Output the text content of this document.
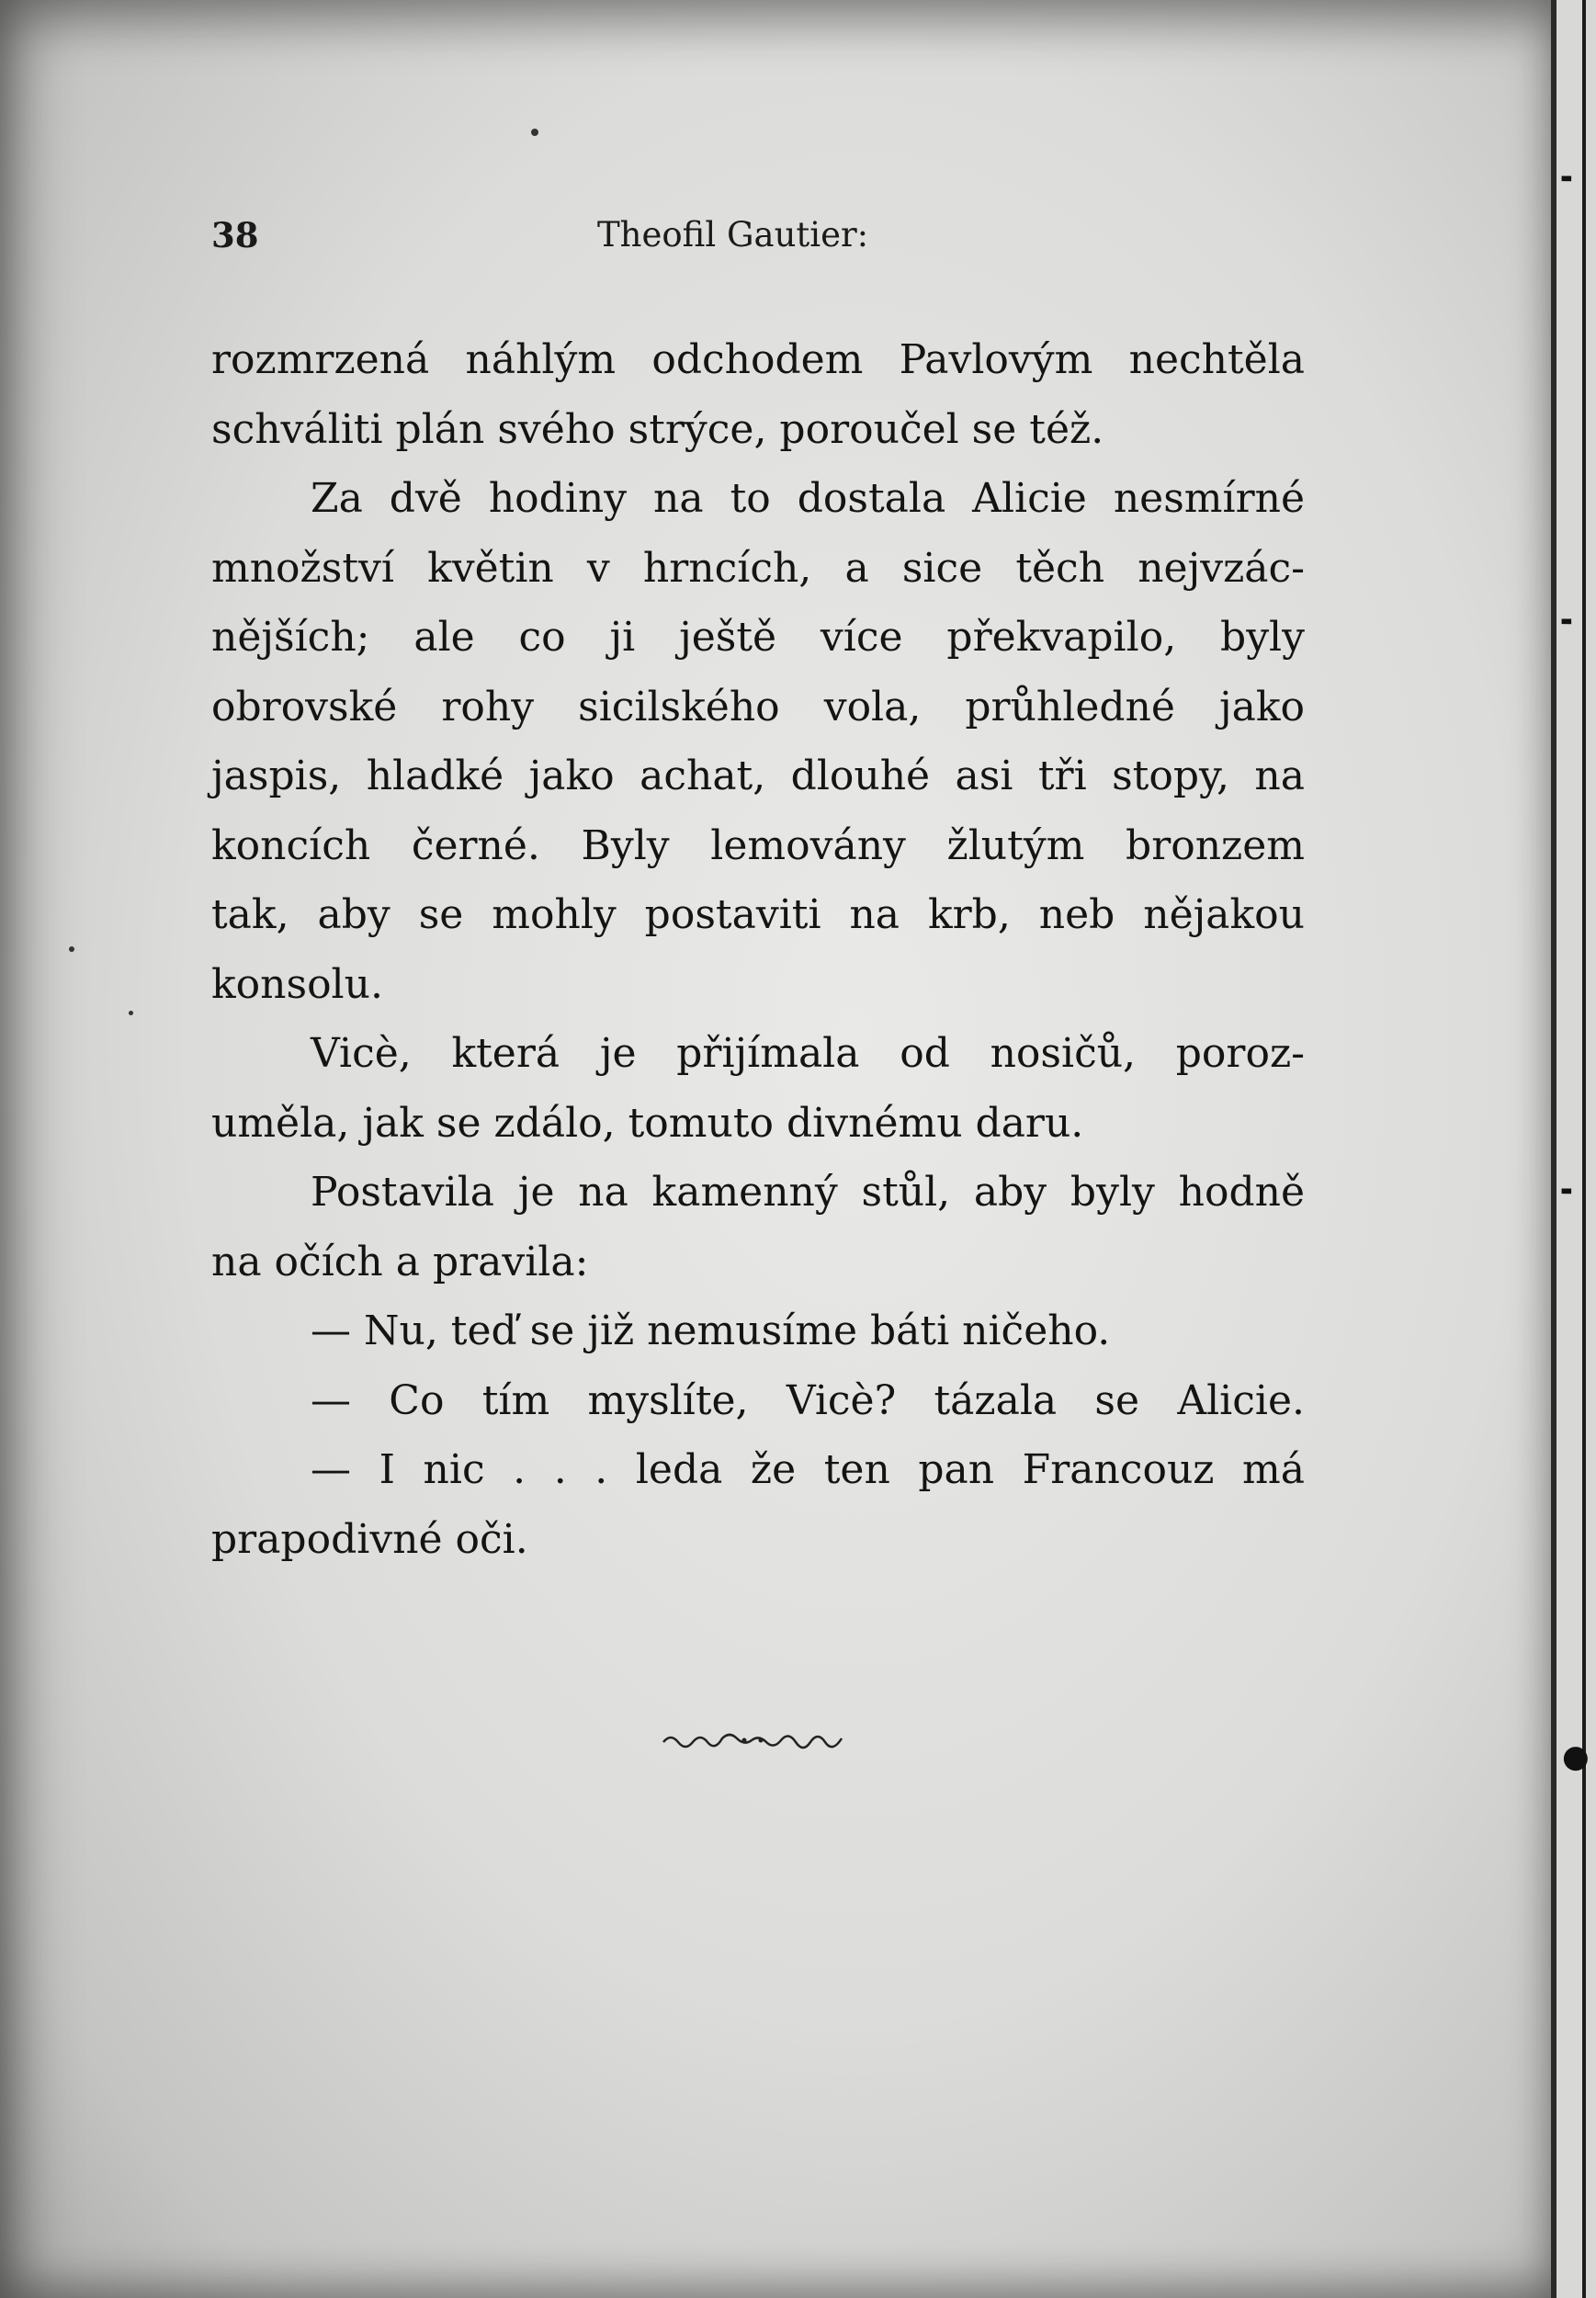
╸
╸
╸
●
38	Theofil Gautier:
rozmrzená náhlým odchodem Pavlovým nechtěla
schváliti plán svého strýce, poroučel se též.
Za dvě hodiny na to dostala Alicie nesmírné
množství květin v hrncích, a sice těch nejvzác-
nějších; ale co ji ještě více překvapilo, byly
obrovské rohy sicilského vola, průhledné jako
jaspis, hladké jako achat, dlouhé asi tři stopy, na
koncích černé. Byly lemovány žlutým bronzem
tak, aby se mohly postaviti na krb, neb nějakou
konsolu.
Vicè, která je přijímala od nosičů, poroz-
uměla, jak se zdálo, tomuto divnému daru.
Postavila je na kamenný stůl, aby byly hodně
na očích a pravila:
— Nu, teď se již nemusíme báti ničeho.
— Co tím myslíte, Vicè? tázala se Alicie.
— I nic . . . leda že ten pan Francouz má
prapodivné oči.
